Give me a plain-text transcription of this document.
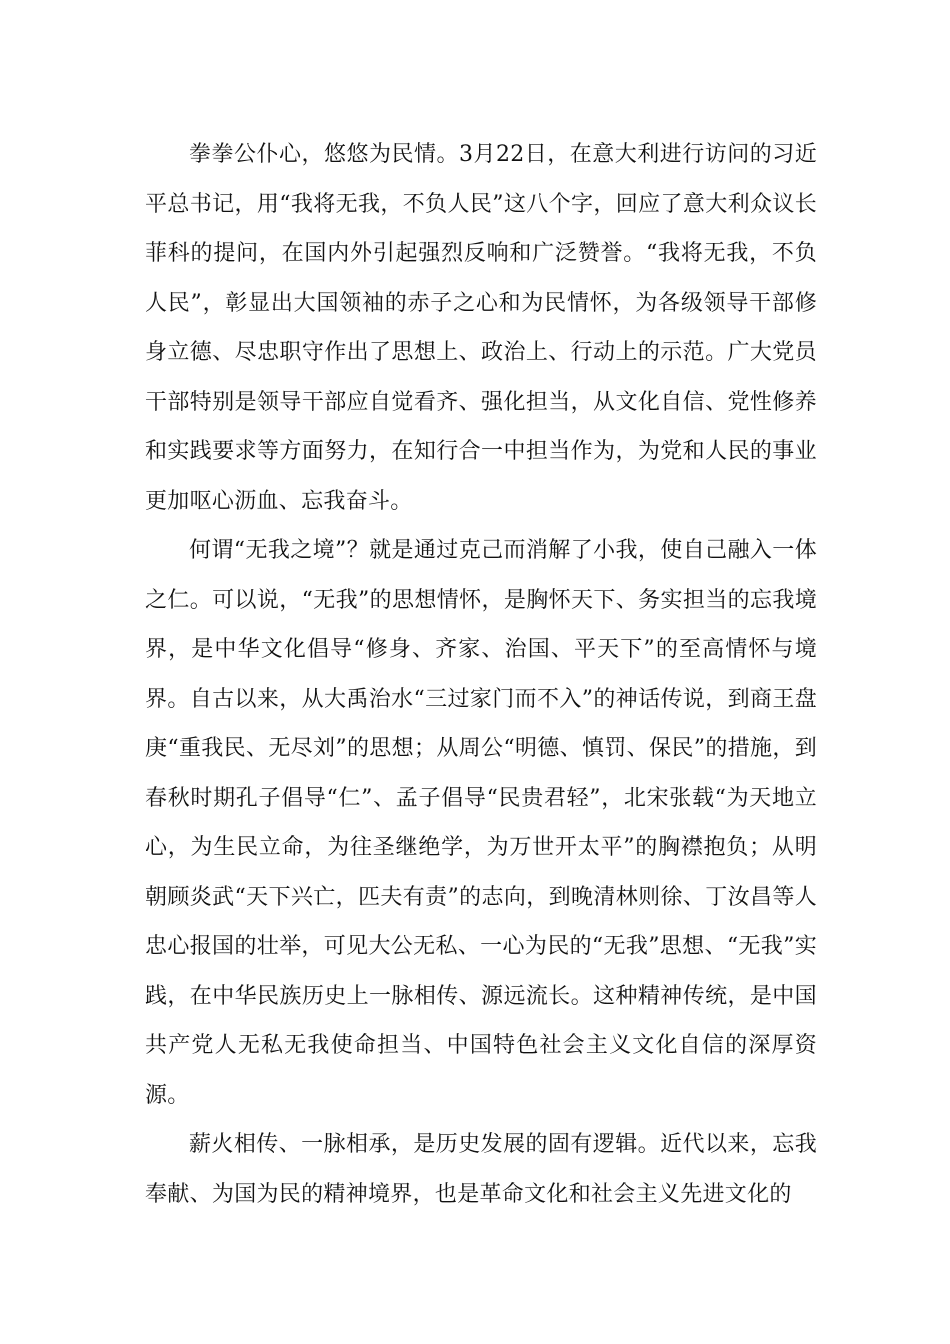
拳拳公仆心，悠悠为民情。3月22日，在意大利进行访问的习近平总书记，用“我将无我，不负人民”这八个字，回应了意大利众议长菲科的提问，在国内外引起强烈反响和广泛赞誉。“我将无我，不负人民”，彰显出大国领袖的赤子之心和为民情怀，为各级领导干部修身立德、尽忠职守作出了思想上、政治上、行动上的示范。广大党员干部特别是领导干部应自觉看齐、强化担当，从文化自信、党性修养和实践要求等方面努力，在知行合一中担当作为，为党和人民的事业更加呕心沥血、忘我奋斗。

何谓“无我之境”？就是通过克己而消解了小我，使自己融入一体之仁。可以说，“无我”的思想情怀，是胸怀天下、务实担当的忘我境界，是中华文化倡导“修身、齐家、治国、平天下”的至高情怀与境界。自古以来，从大禹治水“三过家门而不入”的神话传说，到商王盘庚“重我民、无尽刘”的思想；从周公“明德、慎罚、保民”的措施，到春秋时期孔子倡导“仁”、孟子倡导“民贵君轻”，北宋张载“为天地立心，为生民立命，为往圣继绝学，为万世开太平”的胸襟抱负；从明朝顾炎武“天下兴亡，匹夫有责”的志向，到晚清林则徐、丁汝昌等人忠心报国的壮举，可见大公无私、一心为民的“无我”思想、“无我”实践，在中华民族历史上一脉相传、源远流长。这种精神传统，是中国共产党人无私无我使命担当、中国特色社会主义文化自信的深厚资源。

薪火相传、一脉相承，是历史发展的固有逻辑。近代以来，忘我奉献、为国为民的精神境界，也是革命文化和社会主义先进文化的
